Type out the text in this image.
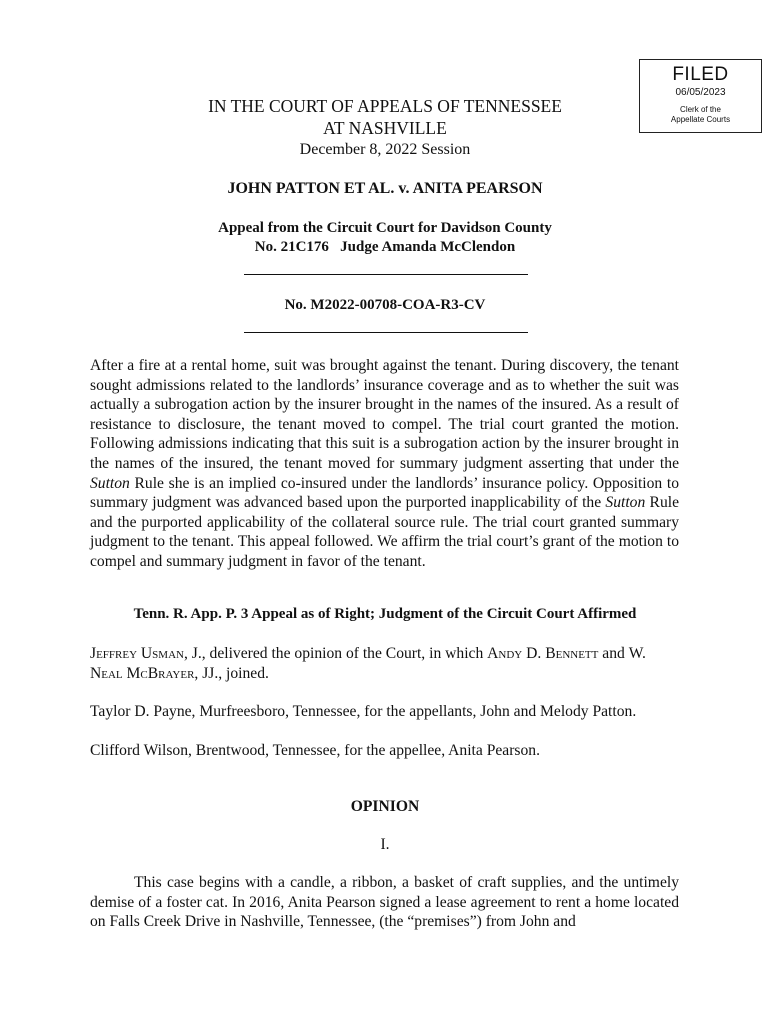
FILED
06/05/2023
Clerk of the
Appellate Courts
IN THE COURT OF APPEALS OF TENNESSEE
AT NASHVILLE
December 8, 2022 Session
JOHN PATTON ET AL. v. ANITA PEARSON
Appeal from the Circuit Court for Davidson County
No. 21C176   Judge Amanda McClendon
No. M2022-00708-COA-R3-CV

After a fire at a rental home, suit was brought against the tenant. During discovery, the tenant sought admissions related to the landlords’ insurance coverage and as to whether the suit was actually a subrogation action by the insurer brought in the names of the insured. As a result of resistance to disclosure, the tenant moved to compel. The trial court granted the motion. Following admissions indicating that this suit is a subrogation action by the insurer brought in the names of the insured, the tenant moved for summary judgment asserting that under the Sutton Rule she is an implied co-insured under the landlords’ insurance policy. Opposition to summary judgment was advanced based upon the purported inapplicability of the Sutton Rule and the purported applicability of the collateral source rule. The trial court granted summary judgment to the tenant. This appeal followed. We affirm the trial court’s grant of the motion to compel and summary judgment in favor of the tenant.

Tenn. R. App. P. 3 Appeal as of Right; Judgment of the Circuit Court Affirmed

Jeffrey Usman, J., delivered the opinion of the Court, in which Andy D. Bennett and W. Neal McBrayer, JJ., joined.

Taylor D. Payne, Murfreesboro, Tennessee, for the appellants, John and Melody Patton.

Clifford Wilson, Brentwood, Tennessee, for the appellee, Anita Pearson.

OPINION
I.

This case begins with a candle, a ribbon, a basket of craft supplies, and the untimely demise of a foster cat. In 2016, Anita Pearson signed a lease agreement to rent a home located on Falls Creek Drive in Nashville, Tennessee, (the “premises”) from John and
